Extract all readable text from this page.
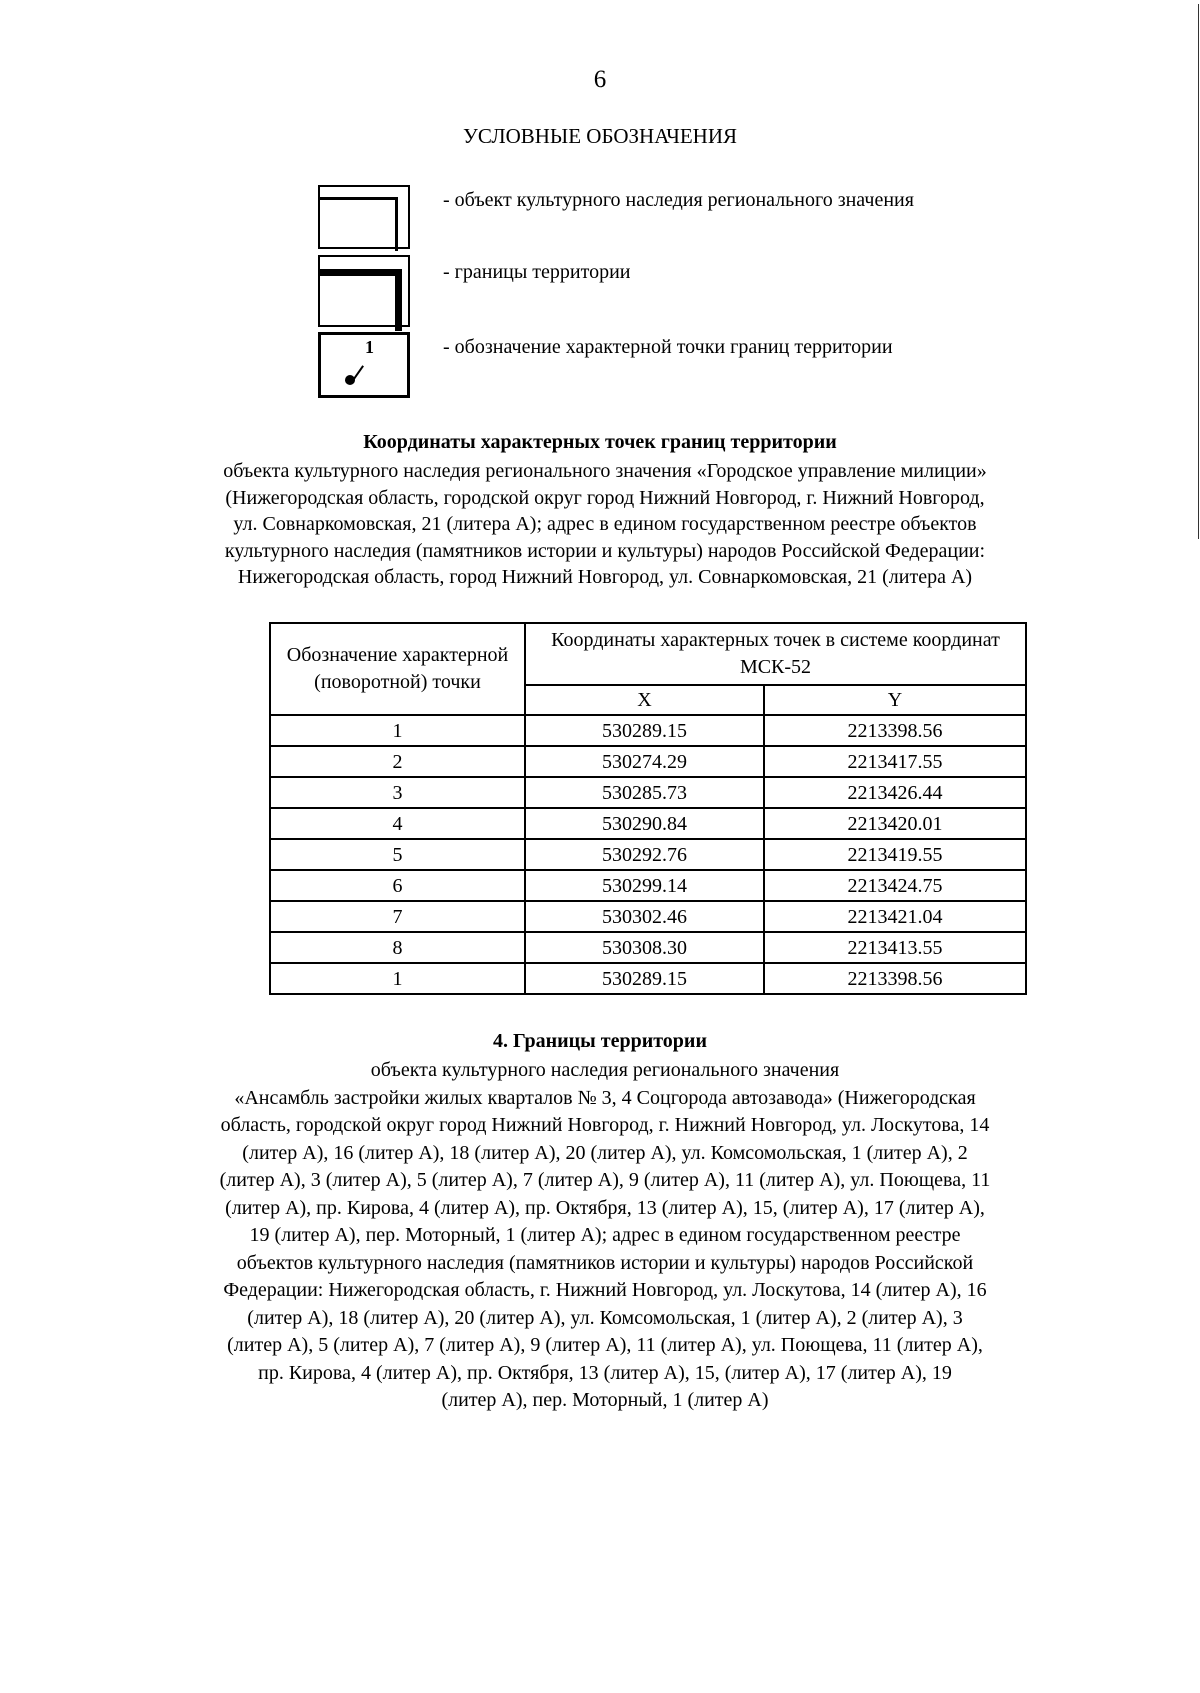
6
УСЛОВНЫЕ ОБОЗНАЧЕНИЯ
- объект культурного наследия регионального значения
- границы территории
1	- обозначение характерной точки границ территории
Координаты характерных точек границ территории
объекта культурного наследия регионального значения «Городское управление милиции»
(Нижегородская область, городской округ город Нижний Новгород, г. Нижний Новгород,
ул. Совнаркомовская, 21 (литера А); адрес в едином государственном реестре объектов
культурного наследия (памятников истории и культуры) народов Российской Федерации:
Нижегородская область, город Нижний Новгород, ул. Совнаркомовская, 21 (литера А)
Обозначение характерной (поворотной) точки	Координаты характерных точек в системе координат МСК-52	
	X	Y
1	530289.15	2213398.56
2	530274.29	2213417.55
3	530285.73	2213426.44
4	530290.84	2213420.01
5	530292.76	2213419.55
6	530299.14	2213424.75
7	530302.46	2213421.04
8	530308.30	2213413.55
1	530289.15	2213398.56
4. Границы территории
объекта культурного наследия регионального значения
«Ансамбль застройки жилых кварталов № 3, 4 Соцгорода автозавода» (Нижегородская
область, городской округ город Нижний Новгород, г. Нижний Новгород, ул. Лоскутова, 14
(литер А), 16 (литер А), 18 (литер А), 20 (литер А), ул. Комсомольская, 1 (литер А), 2
(литер А), 3 (литер А), 5 (литер А), 7 (литер А), 9 (литер А), 11 (литер А), ул. Поющева, 11
(литер А), пр. Кирова, 4 (литер А), пр. Октября, 13 (литер А), 15, (литер А), 17 (литер А),
19 (литер А), пер. Моторный, 1 (литер А); адрес в едином государственном реестре
объектов культурного наследия (памятников истории и культуры) народов Российской
Федерации: Нижегородская область, г. Нижний Новгород, ул. Лоскутова, 14 (литер А), 16
(литер А), 18 (литер А), 20 (литер А), ул. Комсомольская, 1 (литер А), 2 (литер А), 3
(литер А), 5 (литер А), 7 (литер А), 9 (литер А), 11 (литер А), ул. Поющева, 11 (литер А),
пр. Кирова, 4 (литер А), пр. Октября, 13 (литер А), 15, (литер А), 17 (литер А), 19
(литер А), пер. Моторный, 1 (литер А)
